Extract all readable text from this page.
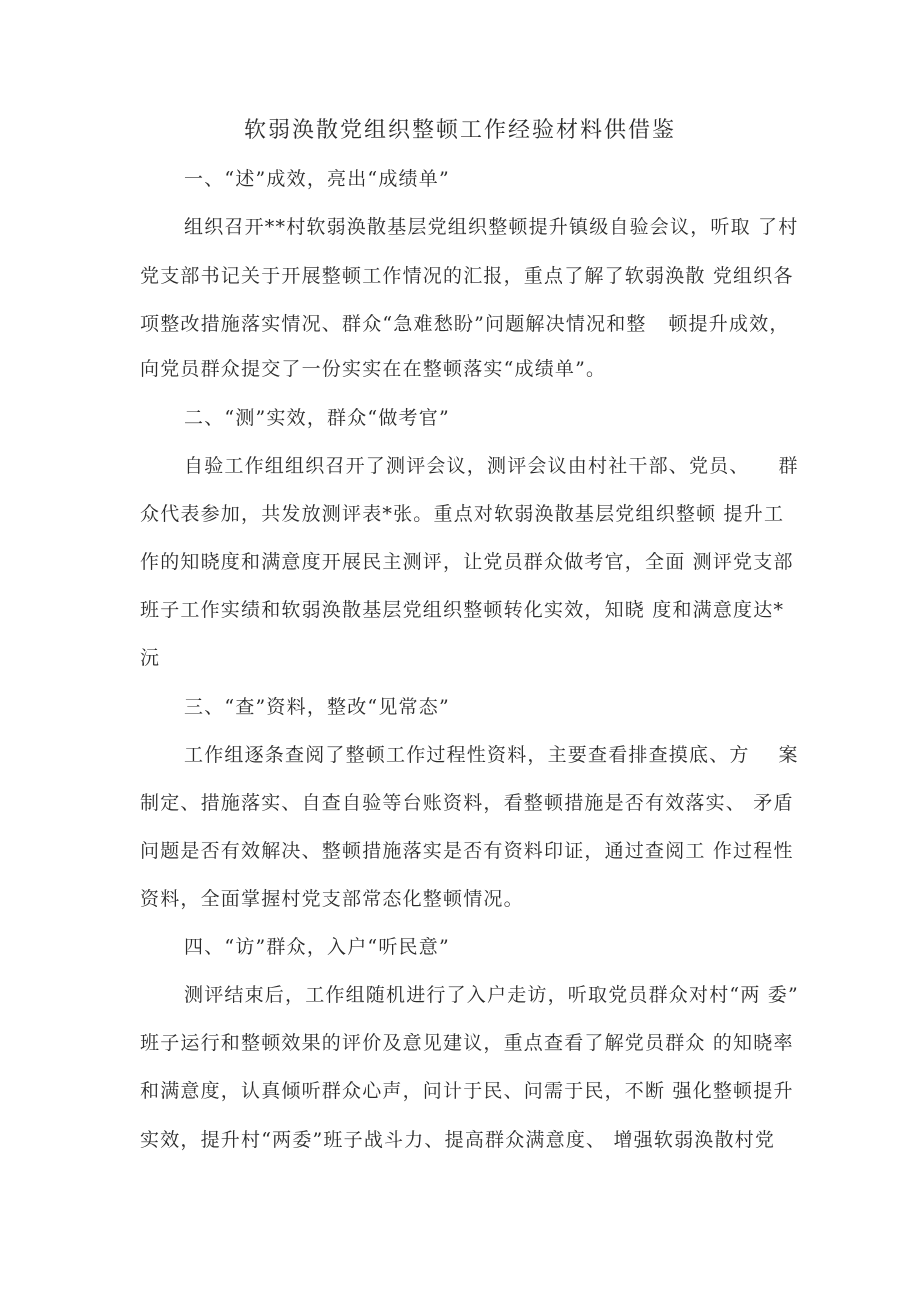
软弱涣散党组织整顿工作经验材料供借鉴
一、“述”成效，亮出“成绩单”
组织召开**村软弱涣散基层党组织整顿提升镇级自验会议，听取 了村
党支部书记关于开展整顿工作情况的汇报，重点了解了软弱涣散 党组织各
项整改措施落实情况、群众“急难愁盼”问题解决情况和整   顿提升成效，
向党员群众提交了一份实实在在整顿落实“成绩单”。
二、“测”实效，群众“做考官”
自验工作组组织召开了测评会议，测评会议由村社干部、党员、    群
众代表参加，共发放测评表*张。重点对软弱涣散基层党组织整顿 提升工
作的知晓度和满意度开展民主测评，让党员群众做考官，全面 测评党支部
班子工作实绩和软弱涣散基层党组织整顿转化实效，知晓 度和满意度达*
沅
三、“查”资料，整改“见常态”
工作组逐条查阅了整顿工作过程性资料，主要查看排查摸底、方    案
制定、措施落实、自查自验等台账资料，看整顿措施是否有效落实、 矛盾
问题是否有效解决、整顿措施落实是否有资料印证，通过查阅工 作过程性
资料，全面掌握村党支部常态化整顿情况。
四、“访”群众，入户“听民意”
测评结束后，工作组随机进行了入户走访，听取党员群众对村“两 委”
班子运行和整顿效果的评价及意见建议，重点查看了解党员群众 的知晓率
和满意度，认真倾听群众心声，问计于民、问需于民，不断 强化整顿提升
实效，提升村“两委”班子战斗力、提高群众满意度、 增强软弱涣散村党
